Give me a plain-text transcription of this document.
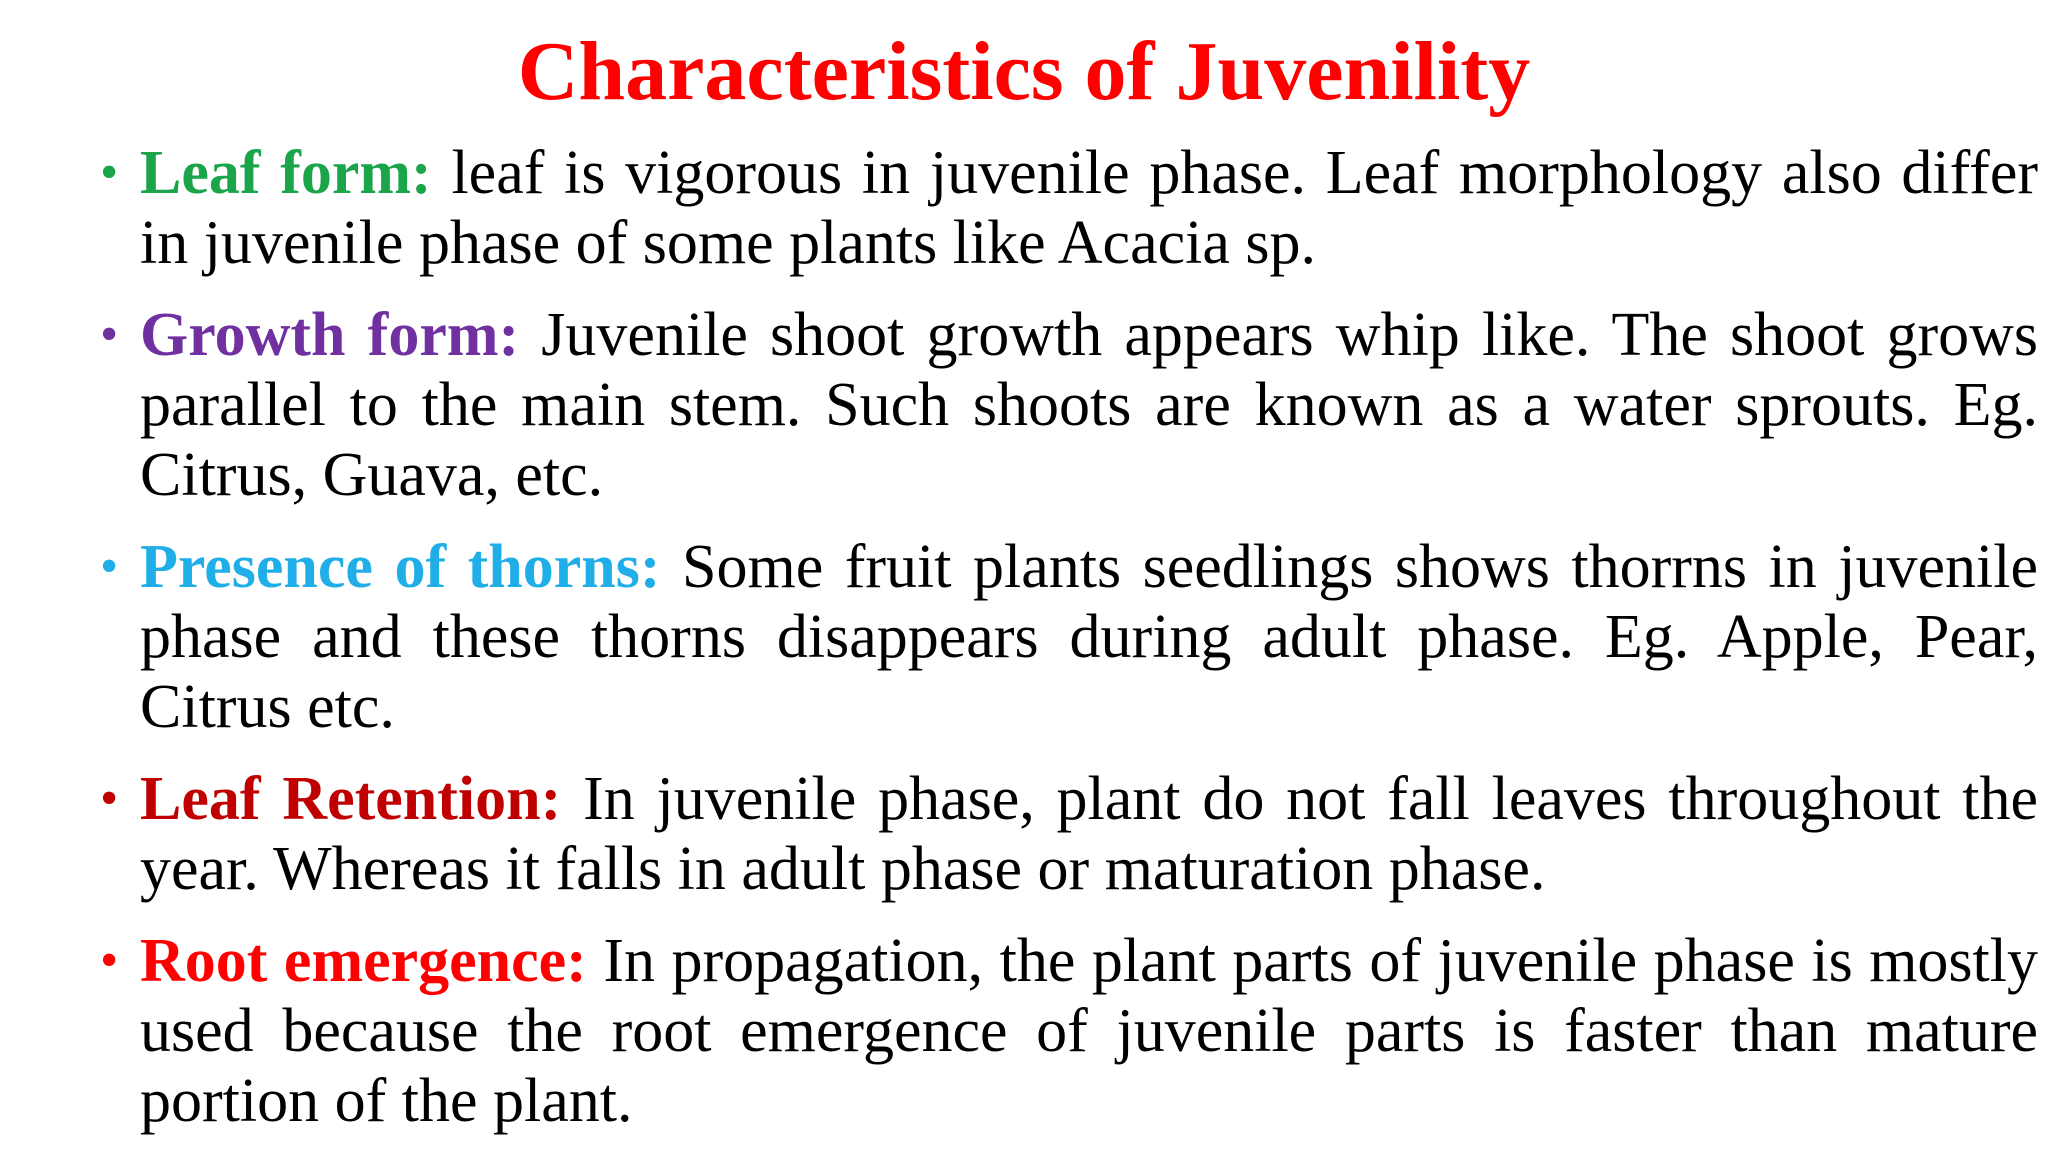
Characteristics of Juvenility
• Leaf form: leaf is vigorous in juvenile phase. Leaf morphology also differ in juvenile phase of some plants like Acacia sp.
• Growth form: Juvenile shoot growth appears whip like. The shoot grows parallel to the main stem. Such shoots are known as a water sprouts. Eg. Citrus, Guava, etc.
• Presence of thorns: Some fruit plants seedlings shows thorrns in juvenile phase and these thorns disappears during adult phase. Eg. Apple, Pear, Citrus etc.
• Leaf Retention: In juvenile phase, plant do not fall leaves throughout the year. Whereas it falls in adult phase or maturation phase.
• Root emergence: In propagation, the plant parts of juvenile phase is mostly used because the root emergence of juvenile parts is faster than mature portion of the plant.
